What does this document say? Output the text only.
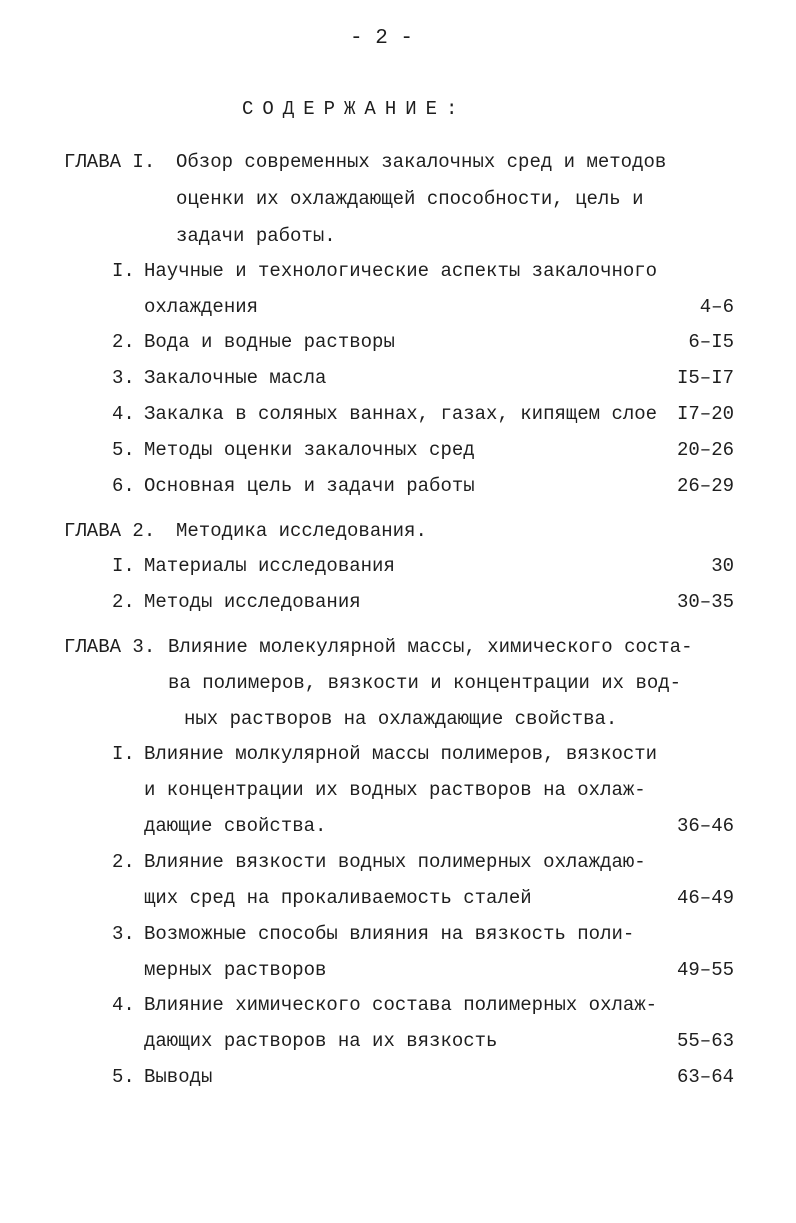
- 2 -
СОДЕРЖАНИЕ:
ГЛАВА I. Обзор современных закалочных сред и методов
оценки их охлаждающей способности, цель и
задачи работы.
I. Научные и технологические аспекты закалочного
охлаждения	4–6
2. Вода и водные растворы	6–I5
3. Закалочные масла	I5–I7
4. Закалка в соляных ваннах, газах, кипящем слое I7–20
5. Методы оценки закалочных сред	20–26
6. Основная цель и задачи работы	26–29
ГЛАВА 2. Методика исследования.
I. Материалы исследования	30
2. Методы исследования	30–35
ГЛАВА 3. Влияние молекулярной массы, химического соста-
ва полимеров, вязкости и концентрации их вод-
ных растворов на охлаждающие свойства.
I. Влияние молкулярной массы полимеров, вязкости
и концентрации их водных растворов на охлаж-
дающие свойства.	36–46
2. Влияние вязкости водных полимерных охлаждаю-
щих сред на прокаливаемость сталей	46–49
3. Возможные способы влияния на вязкость поли-
мерных растворов	49–55
4. Влияние химического состава полимерных охлаж-
дающих растворов на их вязкость	55–63
5. Выводы	63–64
